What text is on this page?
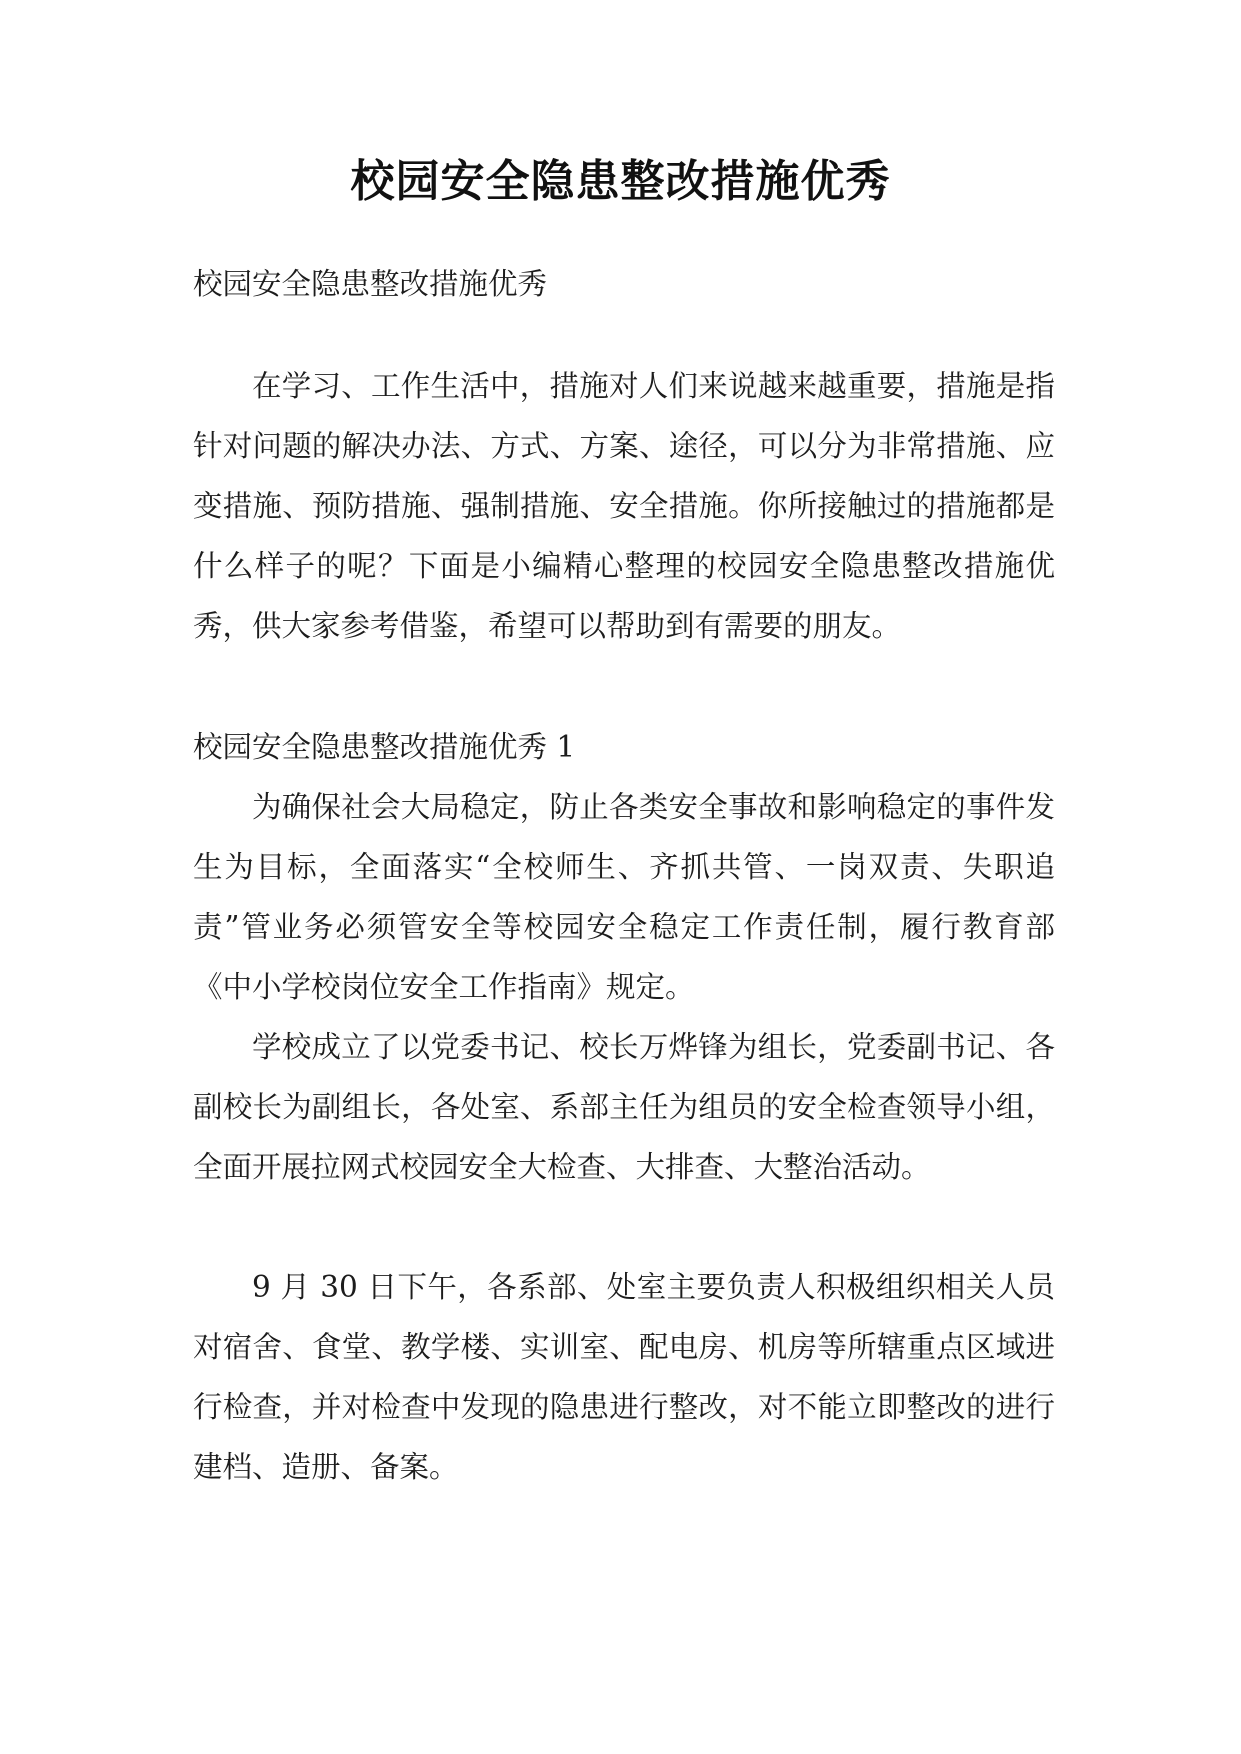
校园安全隐患整改措施优秀

校园安全隐患整改措施优秀

在学习、工作生活中，措施对人们来说越来越重要，措施是指针对问题的解决办法、方式、方案、途径，可以分为非常措施、应变措施、预防措施、强制措施、安全措施。你所接触过的措施都是什么样子的呢？下面是小编精心整理的校园安全隐患整改措施优秀，供大家参考借鉴，希望可以帮助到有需要的朋友。

校园安全隐患整改措施优秀 1

为确保社会大局稳定，防止各类安全事故和影响稳定的事件发生为目标，全面落实“全校师生、齐抓共管、一岗双责、失职追责”管业务必须管安全等校园安全稳定工作责任制，履行教育部《中小学校岗位安全工作指南》规定。

学校成立了以党委书记、校长万烨锋为组长，党委副书记、各副校长为副组长，各处室、系部主任为组员的安全检查领导小组，全面开展拉网式校园安全大检查、大排查、大整治活动。

9 月 30 日下午，各系部、处室主要负责人积极组织相关人员对宿舍、食堂、教学楼、实训室、配电房、机房等所辖重点区域进行检查，并对检查中发现的隐患进行整改，对不能立即整改的进行建档、造册、备案。
